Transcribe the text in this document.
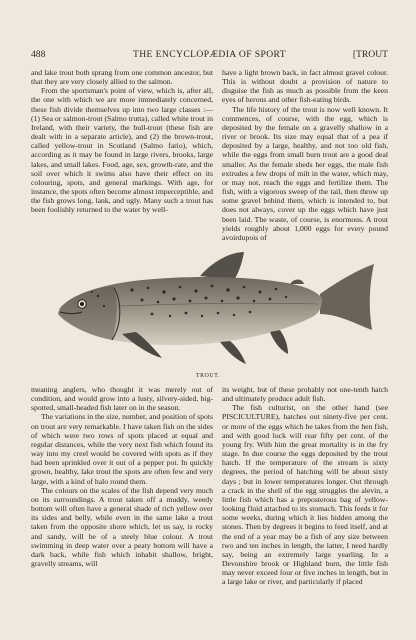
488	THE ENCYCLOPÆDIA OF SPORT	[TROUT

and lake trout both sprang from one common ancestor, but that they are very closely allied to the salmon.

From the sportsman's point of view, which is, after all, the one with which we are more immediately concerned, these fish divide themselves up into two large classes :—(1) Sea or salmon-trout (Salmo trutta), called white trout in Ireland, with their variety, the bull-trout (these fish are dealt with in a separate article), and (2) the brown-trout, called yellow-trout in Scotland (Salmo fario), which, according as it may be found in large rivers, brooks, large lakes, and small lakes. Food, age, sex, growth-rate, and the soil over which it swims also have their effect on its colouring, spots, and general markings. With age, for instance, the spots often become almost imperceptible, and the fish grows long, lank, and ugly. Many such a trout has been foolishly returned to the water by well-

have a light brown back, in fact almost gravel colour. This is without doubt a provision of nature to disguise the fish as much as possible from the keen eyes of herons and other fish-eating birds.

The life history of the trout is now well known. It commences, of course, with the egg, which is deposited by the female on a gravelly shallow in a river or brook. Its size may equal that of a pea if deposited by a large, healthy, and not too old fish, while the eggs from small burn trout are a good deal smaller. As the female sheds her eggs, the male fish extrudes a few drops of milt in the water, which may, or may not, reach the eggs and fertilize them. The fish, with a vigorous sweep of the tail, then throw up some gravel behind them, which is intended to, but does not always, cover up the eggs which have just been laid. The waste, of course, is enormous. A trout yields roughly about 1,000 eggs for every pound avoirdupois of

TROUT.

meaning anglers, who thought it was merely out of condition, and would grow into a lusty, silvery-sided, big-spotted, small-headed fish later on in the season.

The variations in the size, number, and position of spots on trout are very remarkable. I have taken fish on the sides of which were two rows of spots placed at equal and regular distances, while the very next fish which found its way into my creel would be covered with spots as if they had been sprinkled over it out of a pepper pot. In quickly grown, healthy, lake trout the spots are often few and very large, with a kind of halo round them.

The colours on the scales of the fish depend very much on its surroundings. A trout taken off a muddy, weedy bottom will often have a general shade of rich yellow over its sides and belly, while even in the same lake a trout taken from the opposite shore which, let us say, is rocky and sandy, will be of a steely blue colour. A trout swimming in deep water over a peaty bottom will have a dark back, while fish which inhabit shallow, bright, gravelly streams, will

its weight, but of these probably not one-tenth hatch and ultimately produce adult fish.

The fish culturist, on the other hand (see PISCICULTURE), hatches out ninety-five per cent. or more of the eggs which he takes from the hen fish, and with good luck will rear fifty per cent. of the young fry. With him the great mortality is in the fry stage. In due course the eggs deposited by the trout hatch. If the temperature of the stream is sixty degrees, the period of hatching will be about sixty days ; but in lower temperatures longer. Out through a crack in the shell of the egg struggles the alevin, a little fish which has a preposterous bag of yellow-looking fluid attached to its stomach. This feeds it for some weeks, during which it lies hidden among the stones. Then by degrees it begins to feed itself, and at the end of a year may be a fish of any size between two and ten inches in length, the latter, I need hardly say, being an extremely large yearling. In a Devonshire brook or Highland burn, the little fish may never exceed four or five inches in length, but in a large lake or river, and particularly if placed
